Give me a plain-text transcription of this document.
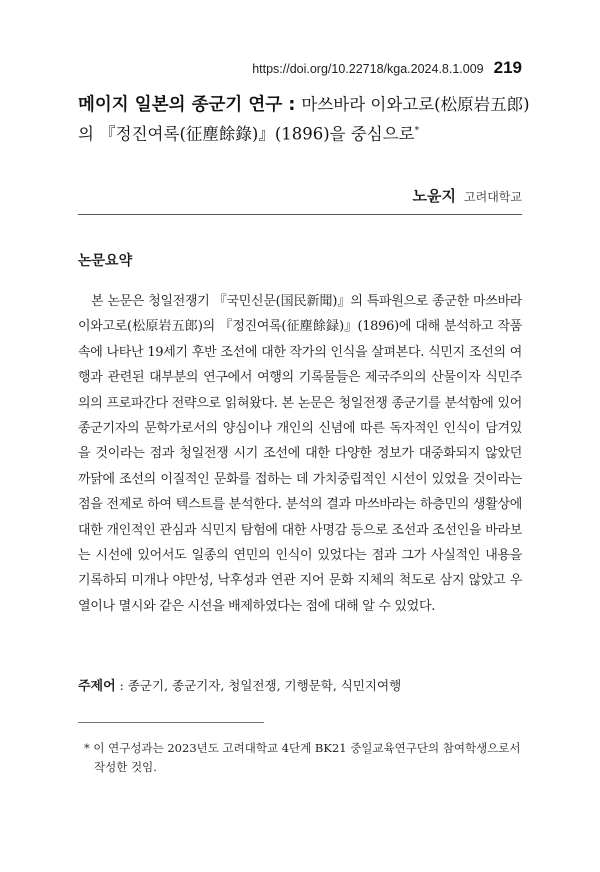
https://doi.org/10.22718/kga.2024.8.1.009 219
메이지 일본의 종군기 연구 : 마쓰바라 이와고로(松原岩五郎)의 『정진여록(征塵餘錄)』(1896)을 중심으로*
노윤지 고려대학교
논문요약

본 논문은 청일전쟁기 『국민신문(国民新聞)』의 특파원으로 종군한 마쓰바라 이와고로(松原岩五郎)의 『정진여록(征塵餘録)』(1896)에 대해 분석하고 작품 속에 나타난 19세기 후반 조선에 대한 작가의 인식을 살펴본다. 식민지 조선의 여행과 관련된 대부분의 연구에서 여행의 기록물들은 제국주의의 산물이자 식민주의의 프로파간다 전략으로 읽혀왔다. 본 논문은 청일전쟁 종군기를 분석함에 있어 종군기자의 문학가로서의 양심이나 개인의 신념에 따른 독자적인 인식이 담겨있을 것이라는 점과 청일전쟁 시기 조선에 대한 다양한 정보가 대중화되지 않았던 까닭에 조선의 이질적인 문화를 접하는 데 가치중립적인 시선이 있었을 것이라는 점을 전제로 하여 텍스트를 분석한다. 분석의 결과 마쓰바라는 하층민의 생활상에 대한 개인적인 관심과 식민지 탐험에 대한 사명감 등으로 조선과 조선인을 바라보는 시선에 있어서도 일종의 연민의 인식이 있었다는 점과 그가 사실적인 내용을 기록하되 미개나 야만성, 낙후성과 연관 지어 문화 지체의 척도로 삼지 않았고 우열이나 멸시와 같은 시선을 배제하였다는 점에 대해 알 수 있었다.

주제어 : 종군기, 종군기자, 청일전쟁, 기행문학, 식민지여행
* 이 연구성과는 2023년도 고려대학교 4단계 BK21 중일교육연구단의 참여학생으로서 작성한 것임.
